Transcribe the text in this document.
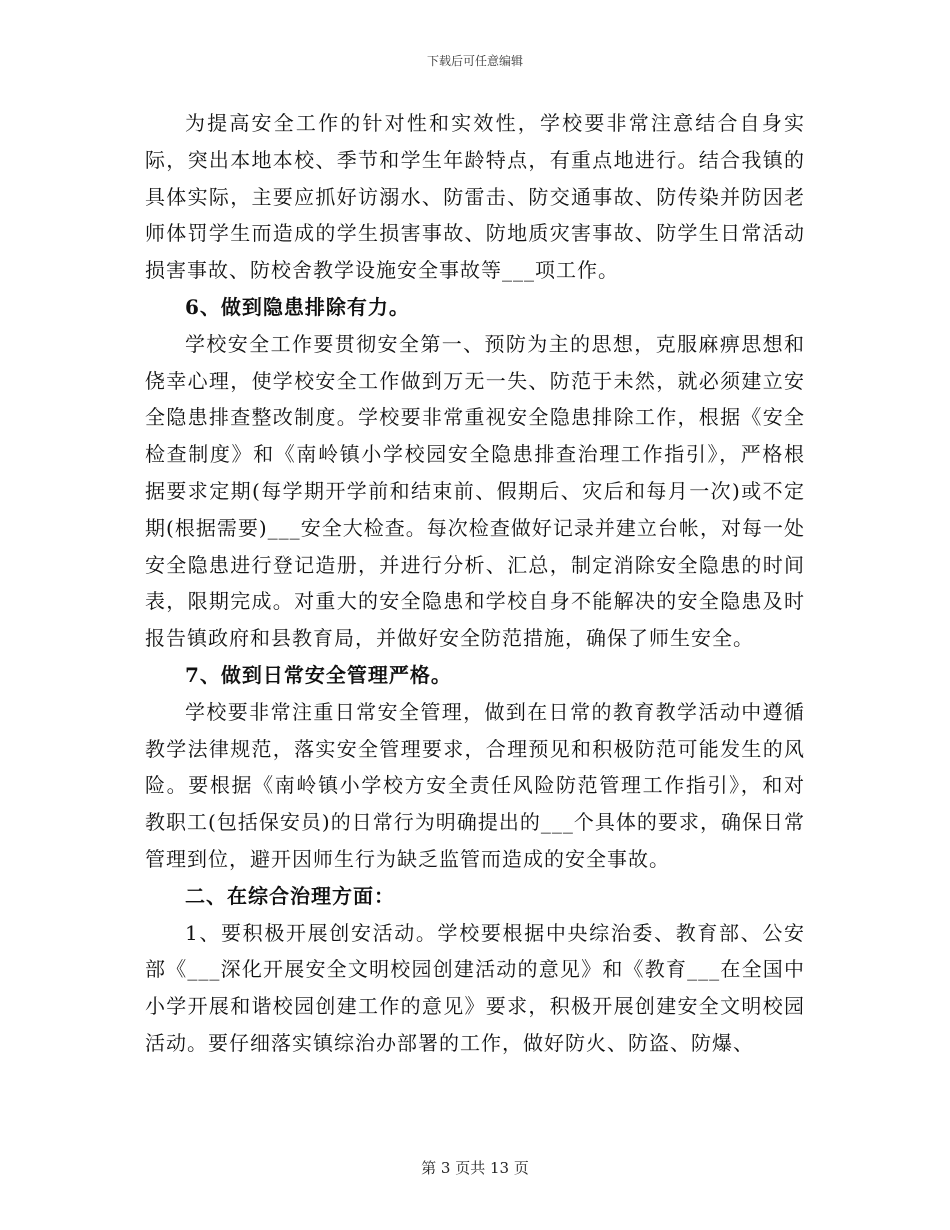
下载后可任意编辑

为提高安全工作的针对性和实效性，学校要非常注意结合自身实际，突出本地本校、季节和学生年龄特点，有重点地进行。结合我镇的具体实际，主要应抓好访溺水、防雷击、防交通事故、防传染并防因老师体罚学生而造成的学生损害事故、防地质灾害事故、防学生日常活动损害事故、防校舍教学设施安全事故等___项工作。

6、做到隐患排除有力。

学校安全工作要贯彻安全第一、预防为主的思想，克服麻痹思想和侥幸心理，使学校安全工作做到万无一失、防范于未然，就必须建立安全隐患排查整改制度。学校要非常重视安全隐患排除工作，根据《安全检查制度》和《南岭镇小学校园安全隐患排查治理工作指引》，严格根据要求定期(每学期开学前和结束前、假期后、灾后和每月一次)或不定期(根据需要)___安全大检查。每次检查做好记录并建立台帐，对每一处安全隐患进行登记造册，并进行分析、汇总，制定消除安全隐患的时间表，限期完成。对重大的安全隐患和学校自身不能解决的安全隐患及时报告镇政府和县教育局，并做好安全防范措施，确保了师生安全。

7、做到日常安全管理严格。

学校要非常注重日常安全管理，做到在日常的教育教学活动中遵循教学法律规范，落实安全管理要求，合理预见和积极防范可能发生的风险。要根据《南岭镇小学校方安全责任风险防范管理工作指引》，和对教职工(包括保安员)的日常行为明确提出的___个具体的要求，确保日常管理到位，避开因师生行为缺乏监管而造成的安全事故。

二、在综合治理方面：

1、要积极开展创安活动。学校要根据中央综治委、教育部、公安部《___深化开展安全文明校园创建活动的意见》和《教育___在全国中小学开展和谐校园创建工作的意见》要求，积极开展创建安全文明校园活动。要仔细落实镇综治办部署的工作，做好防火、防盗、防爆、

第 3 页共 13 页
